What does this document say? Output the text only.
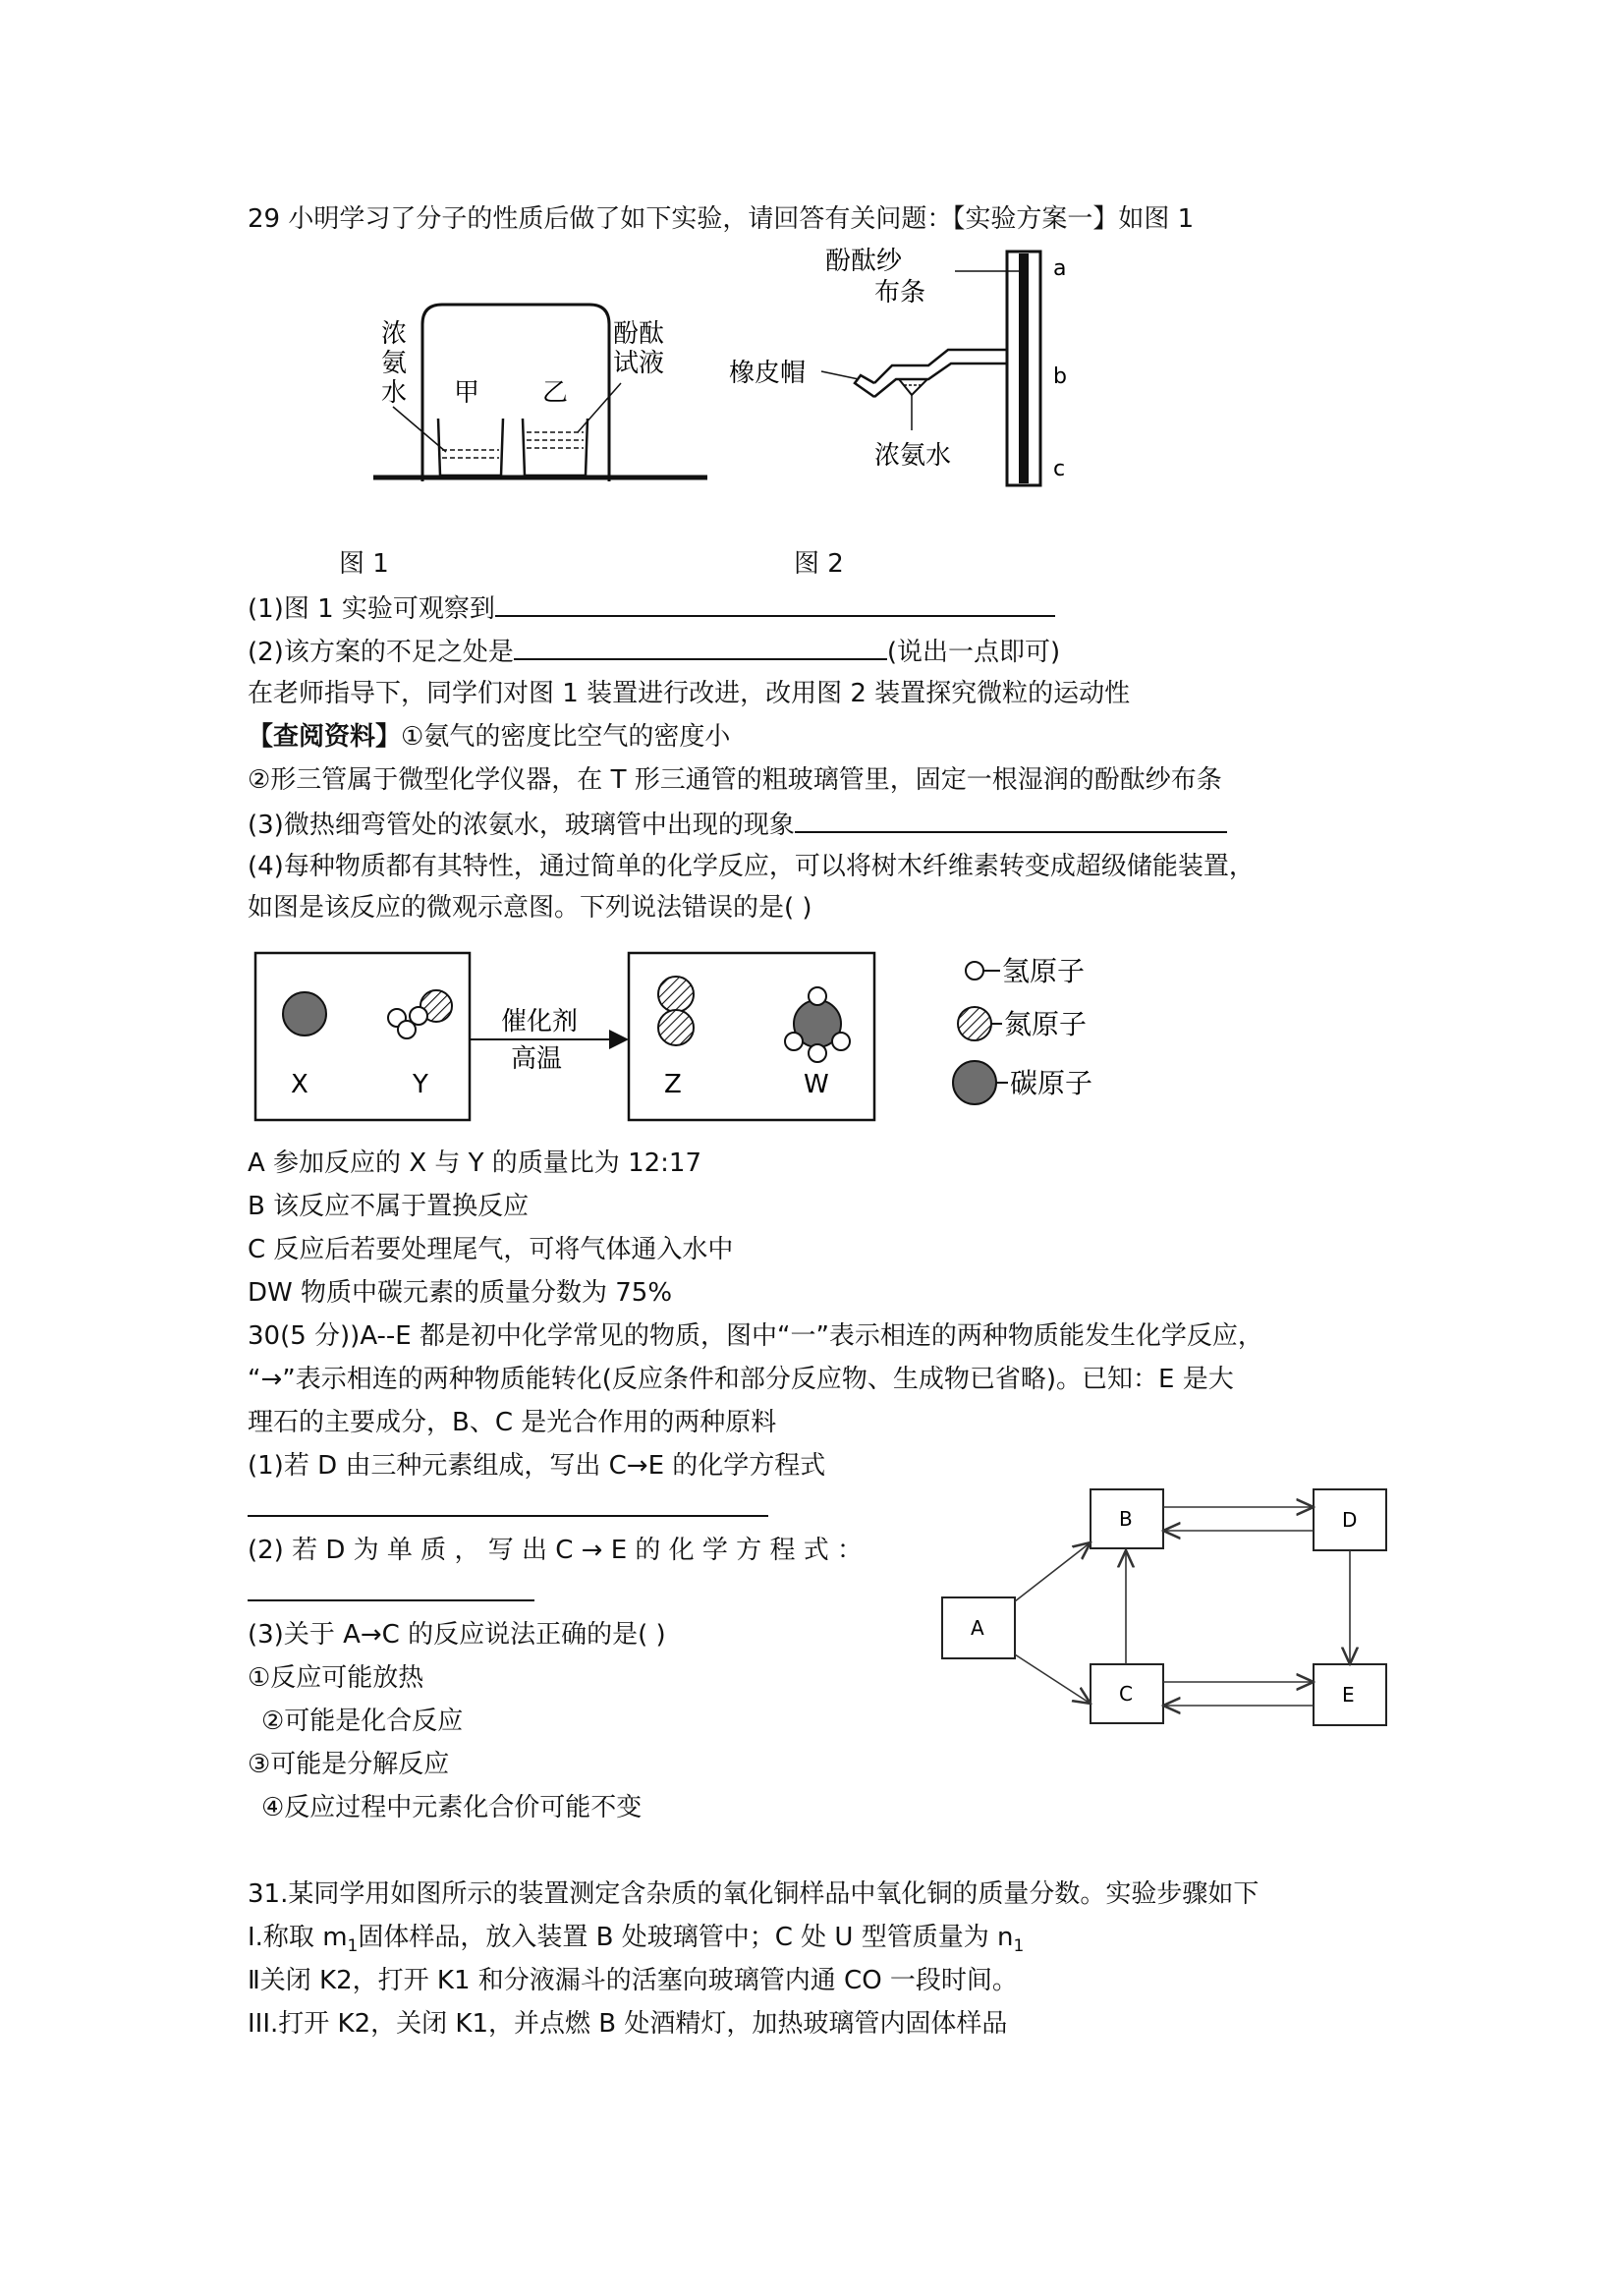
29 小明学习了分子的性质后做了如下实验，请回答有关问题：【实验方案一】如图 1
浓
氨
水
酚酞
试液
甲 乙
酚酞纱
布条
橡皮帽
浓氨水
a
b
c
图 1	图 2
(1)图 1 实验可观察到
(2)该方案的不足之处是	(说出一点即可)
在老师指导下，同学们对图 1 装置进行改进，改用图 2 装置探究微粒的运动性
【查阅资料】①氨气的密度比空气的密度小
②形三管属于微型化学仪器，在 T 形三通管的粗玻璃管里，固定一根湿润的酚酞纱布条
(3)微热细弯管处的浓氨水，玻璃管中出现的现象
(4)每种物质都有其特性，通过简单的化学反应，可以将树木纤维素转变成超级储能装置，
如图是该反应的微观示意图。下列说法错误的是( )
X	Y	Z	W
催化剂
高温
氢原子
氮原子
碳原子
A 参加反应的 X 与 Y 的质量比为 12:17
B 该反应不属于置换反应
C 反应后若要处理尾气，可将气体通入水中
DW 物质中碳元素的质量分数为 75%
30(5 分))A--E 都是初中化学常见的物质，图中“一”表示相连的两种物质能发生化学反应，
“→”表示相连的两种物质能转化(反应条件和部分反应物、生成物已省略)。已知：E 是大
理石的主要成分，B、C 是光合作用的两种原料
(1)若 D 由三种元素组成，写出 C→E 的化学方程式
(2) 若 D 为 单 质 ， 写 出 C → E 的 化 学 方 程 式 ：
(3)关于 A→C 的反应说法正确的是( )
①反应可能放热
②可能是化合反应
③可能是分解反应
④反应过程中元素化合价可能不变
B	D
A
C	E
31.某同学用如图所示的装置测定含杂质的氧化铜样品中氧化铜的质量分数。实验步骤如下
I.称取 $m_1$固体样品，放入装置 B 处玻璃管中；C 处 U 型管质量为 $n_1$
Ⅱ关闭 K2，打开 K1 和分液漏斗的活塞向玻璃管内通 CO 一段时间。
III.打开 K2，关闭 K1，并点燃 B 处酒精灯，加热玻璃管内固体样品
